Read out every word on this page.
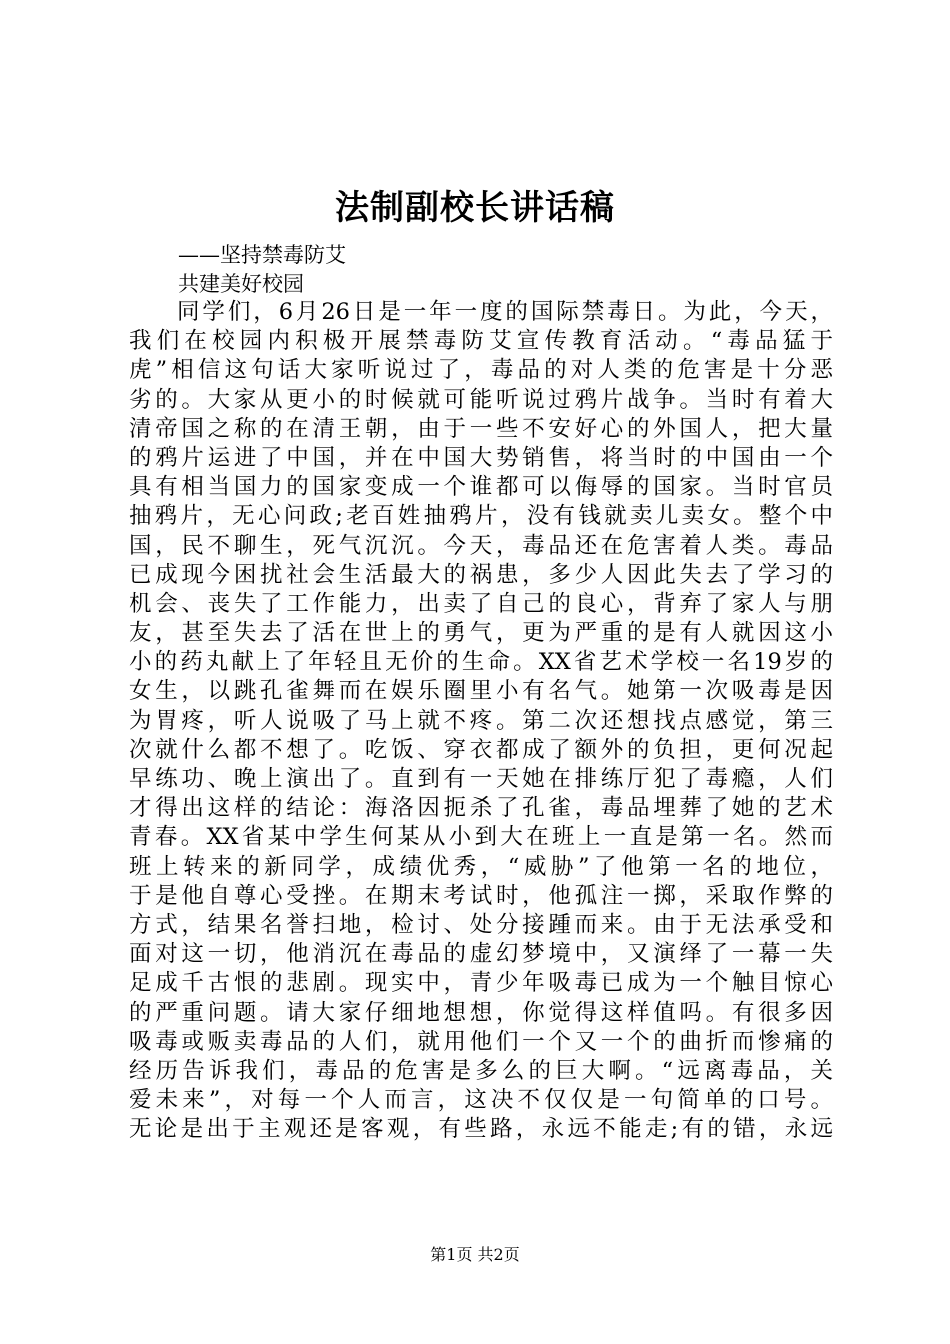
法制副校长讲话稿
——坚持禁毒防艾
共建美好校园
同学们，6月26日是一年一度的国际禁毒日。为此，今天，
我们在校园内积极开展禁毒防艾宣传教育活动。“毒品猛于
虎”相信这句话大家听说过了，毒品的对人类的危害是十分恶
劣的。大家从更小的时候就可能听说过鸦片战争。当时有着大
清帝国之称的在清王朝，由于一些不安好心的外国人，把大量
的鸦片运进了中国，并在中国大势销售，将当时的中国由一个
具有相当国力的国家变成一个谁都可以侮辱的国家。当时官员
抽鸦片，无心问政;老百姓抽鸦片，没有钱就卖儿卖女。整个中
国，民不聊生，死气沉沉。今天，毒品还在危害着人类。毒品
已成现今困扰社会生活最大的祸患，多少人因此失去了学习的
机会、丧失了工作能力，出卖了自己的良心，背弃了家人与朋
友，甚至失去了活在世上的勇气，更为严重的是有人就因这小
小的药丸献上了年轻且无价的生命。XX省艺术学校一名19岁的
女生，以跳孔雀舞而在娱乐圈里小有名气。她第一次吸毒是因
为胃疼，听人说吸了马上就不疼。第二次还想找点感觉，第三
次就什么都不想了。吃饭、穿衣都成了额外的负担，更何况起
早练功、晚上演出了。直到有一天她在排练厅犯了毒瘾，人们
才得出这样的结论：海洛因扼杀了孔雀，毒品埋葬了她的艺术
青春。XX省某中学生何某从小到大在班上一直是第一名。然而
班上转来的新同学，成绩优秀，“威胁”了他第一名的地位，
于是他自尊心受挫。在期末考试时，他孤注一掷，采取作弊的
方式，结果名誉扫地，检讨、处分接踵而来。由于无法承受和
面对这一切，他消沉在毒品的虚幻梦境中，又演绎了一幕一失
足成千古恨的悲剧。现实中，青少年吸毒已成为一个触目惊心
的严重问题。请大家仔细地想想，你觉得这样值吗。有很多因
吸毒或贩卖毒品的人们，就用他们一个又一个的曲折而惨痛的
经历告诉我们，毒品的危害是多么的巨大啊。“远离毒品，关
爱未来”，对每一个人而言，这决不仅仅是一句简单的口号。
无论是出于主观还是客观，有些路，永远不能走;有的错，永远
第1页 共2页
